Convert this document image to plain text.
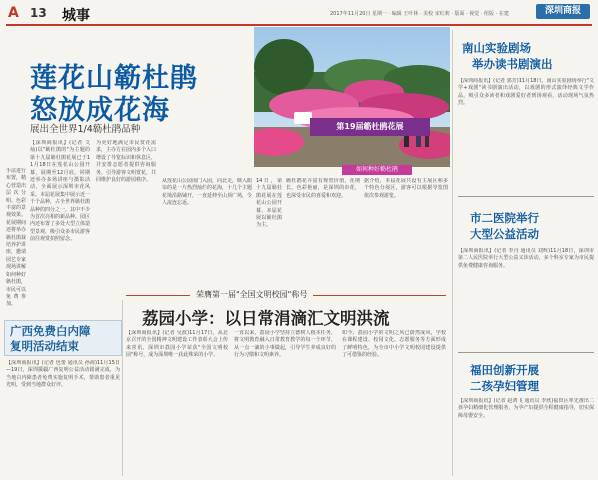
A 13 城事	2017年11月20日 星期一 · 编辑 王叶林 · 美校 宋红莉 · 版面 · 视觉 · 组版 · 在建	深圳商报
莲花山簕杜鹃
怒放成花海
展出全世界1/4簕杜鹃品种	第19届簕杜鹃花展
如何种好簕杜鹃
【深圳商报讯】(记者 文灿)以"簕杜鹃的"为主题的第十九届簕杜鹃花展已于11月18日在莲花山公园开幕，展期至12月底，同期还举办多场讲座与摄影活动，全面展示深圳市花风采。本届花展集中展示近一千个品种，占全世界簕杜鹃品种的四分之一，其中不少为首次亮相的新品种。园区内还布置了多处大型立体造型景观，吸引众多市民游客前往观赏拍照留念。
为更好地满足市民赏花需求，主办方在园内多个入口增设了导览标识和休息区，并安排志愿者提供咨询服务，引导游客文明赏花，共同维护良好的游园秩序。
手法进行布置，精心营造出层次分明、色彩丰富的景观效果。花展期间还将举办簕杜鹃栽培养护讲座，邀请园艺专家现场讲解如何种好簕杜鹃，市民可以免费参加。
从莲花山公园南门入园，向北走，映入眼帘的是一片热烈灿烂的花海，十几个主题花境沿路铺开，一直延伸至山顶广场，令人流连忘返。
14日，第十九届簕杜鹃花展在莲花山公园开幕，本届花展以簕杜鹃为主。
簕杜鹃花卉富有观赏价值，花期长、色彩艳丽，是深圳的市花，也深受市民的喜爱和欢迎。
据介绍，本届花展共设有主展区和多个特色分展区，游客可以根据导览图依次参观游览。
广西免费白内障
复明活动结束
【深圳商报讯】(记者 包蕾 通讯员 孙海)11月15日—19日，深圳援疆广西复明公益活动圆满完成，为当地白内障患者免费实施复明手术，帮助患者重见光明，受到当地群众好评。
荣膺第一届"全国文明校园"称号
荔园小学：以日常涓滴汇文明洪流
【深圳商报讯】(记者 吴波)11月17日，从北京召开的全国精神文明建设工作表彰大会上传来喜讯，深圳市荔园小学荣获"全国文明校园"称号，成为深圳唯一获此殊荣的小学。
一直以来，荔园小学坚持立德树人根本任务，将文明教育融入日常教育教学的每一个环节，从一点一滴的小事做起，引导学生养成良好的行为习惯和文明素养。
如今，荔园小学的文明之风已蔚然成风，学校在课程建设、校园文化、志愿服务等方面形成了鲜明特色，为全市中小学文明校园建设提供了可借鉴的经验。
南山实验剧场
举办读书剧演出
【深圳商报讯】(记者 郭芳)11月18日，南山实验剧场举行"文学+戏剧"读书剧演出活动，以戏剧的形式演绎经典文学作品，吸引众多读者和戏剧爱好者到场观看，活动现场气氛热烈。
市二医院举行
大型公益活动
【深圳商报讯】(记者 李丹 通讯员 刘辉)11月18日，深圳市第二人民医院举行大型公益义诊活动，多个科室专家为市民提供免费健康咨询服务。
福田创新开展
二孩孕妇管理
【深圳商报讯】(记者 赵鸿飞 通讯员 李欣)福田区率先推出二孩孕妇精细化管理服务，为孕产妇提供全程健康指导，切实保障母婴安全。
